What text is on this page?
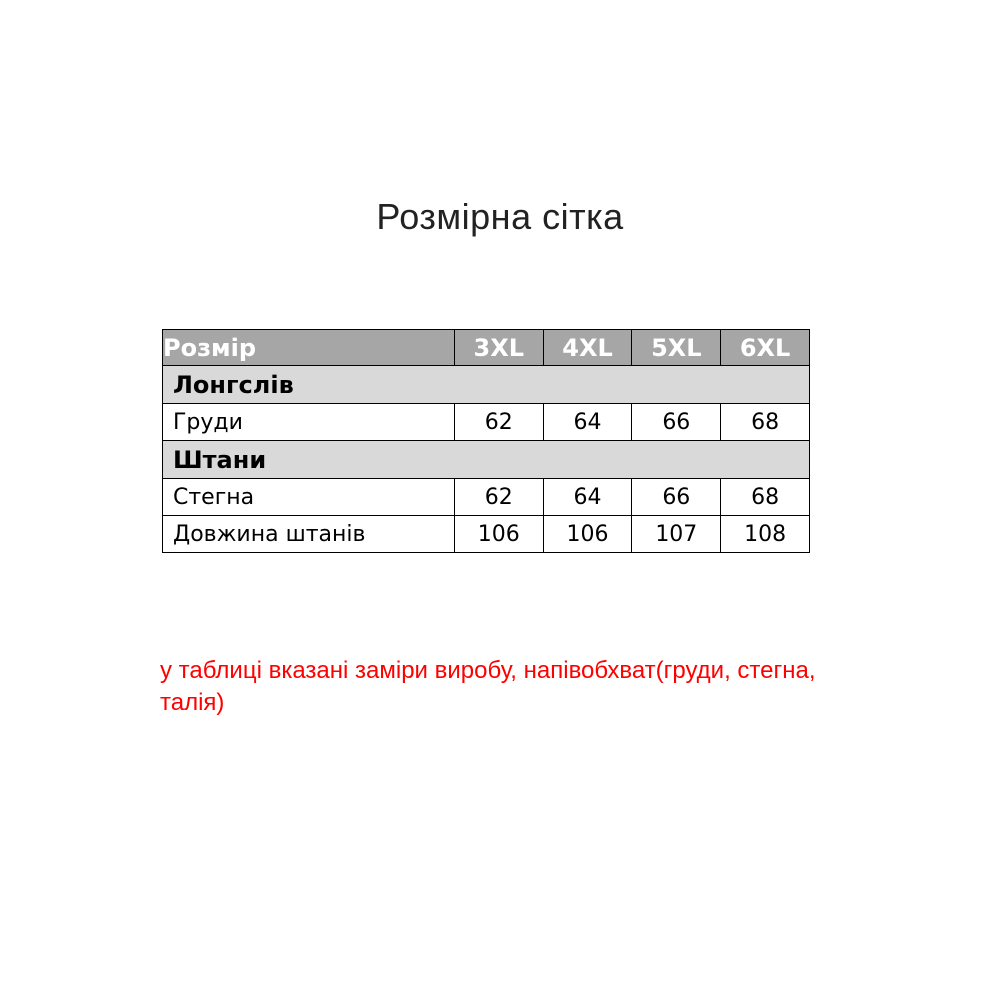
Розмірна сітка
Розмір	3XL	4XL	5XL	6XL
Лонгслів				
Груди	62	64	66	68
Штани				
Стегна	62	64	66	68
Довжина штанів	106	106	107	108
у таблиці вказані заміри виробу, напівобхват(груди, стегна, талія)
